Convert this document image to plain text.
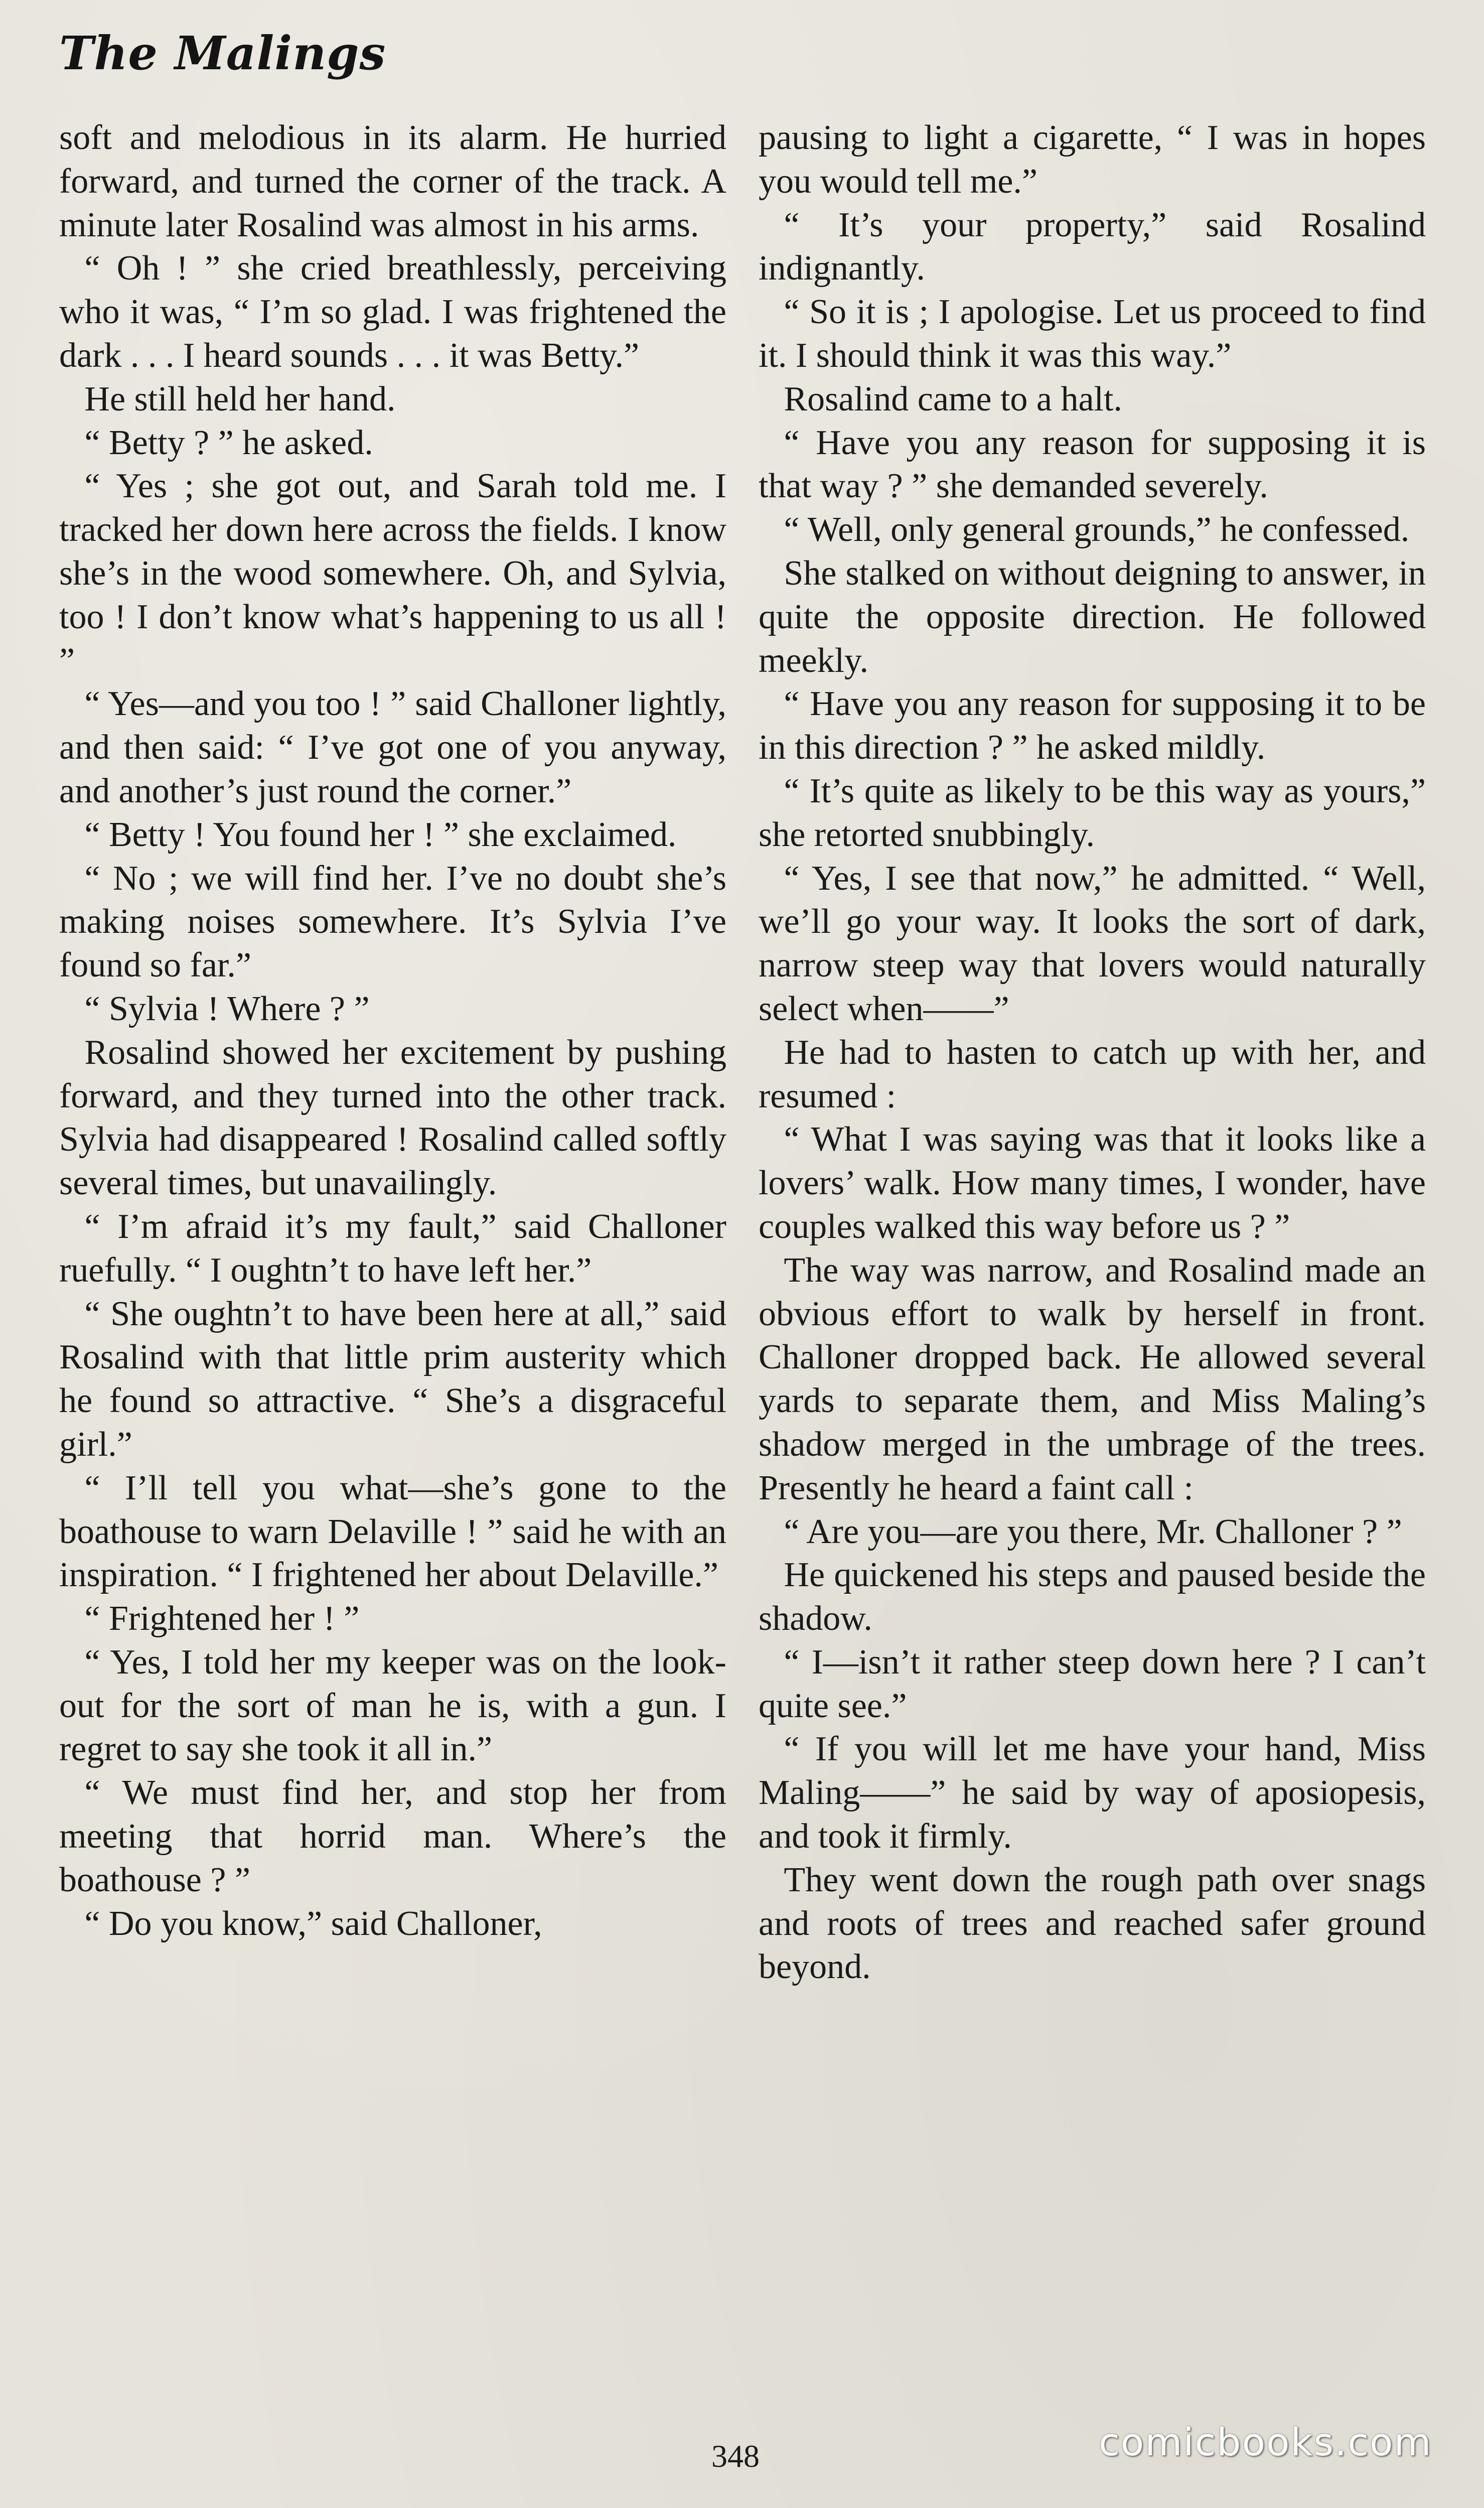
The Malings

soft and melodious in its alarm. He hurried forward, and turned the corner of the track. A minute later Rosalind was almost in his arms.

“ Oh ! ” she cried breathlessly, perceiving who it was, “ I’m so glad. I was frightened the dark . . . I heard sounds . . . it was Betty.”

He still held her hand.

“ Betty ? ” he asked.

“ Yes ; she got out, and Sarah told me. I tracked her down here across the fields. I know she’s in the wood somewhere. Oh, and Sylvia, too ! I don’t know what’s happening to us all ! ”

“ Yes—and you too ! ” said Challoner lightly, and then said: “ I’ve got one of you anyway, and another’s just round the corner.”

“ Betty ! You found her ! ” she exclaimed.

“ No ; we will find her. I’ve no doubt she’s making noises somewhere. It’s Sylvia I’ve found so far.”

“ Sylvia ! Where ? ”

Rosalind showed her excitement by pushing forward, and they turned into the other track. Sylvia had disappeared ! Rosalind called softly several times, but unavailingly.

“ I’m afraid it’s my fault,” said Challoner ruefully. “ I oughtn’t to have left her.”

“ She oughtn’t to have been here at all,” said Rosalind with that little prim austerity which he found so attractive. “ She’s a disgraceful girl.”

“ I’ll tell you what—she’s gone to the boathouse to warn Delaville ! ” said he with an inspiration. “ I frightened her about Delaville.”

“ Frightened her ! ”

“ Yes, I told her my keeper was on the look-out for the sort of man he is, with a gun. I regret to say she took it all in.”

“ We must find her, and stop her from meeting that horrid man. Where’s the boathouse ? ”

“ Do you know,” said Challoner,

pausing to light a cigarette, “ I was in hopes you would tell me.”

“ It’s your property,” said Rosalind indignantly.

“ So it is ; I apologise. Let us proceed to find it. I should think it was this way.”

Rosalind came to a halt.

“ Have you any reason for supposing it is that way ? ” she demanded severely.

“ Well, only general grounds,” he confessed.

She stalked on without deigning to answer, in quite the opposite direction. He followed meekly.

“ Have you any reason for supposing it to be in this direction ? ” he asked mildly.

“ It’s quite as likely to be this way as yours,” she retorted snubbingly.

“ Yes, I see that now,” he admitted. “ Well, we’ll go your way. It looks the sort of dark, narrow steep way that lovers would naturally select when——”

He had to hasten to catch up with her, and resumed :

“ What I was saying was that it looks like a lovers’ walk. How many times, I wonder, have couples walked this way before us ? ”

The way was narrow, and Rosalind made an obvious effort to walk by herself in front. Challoner dropped back. He allowed several yards to separate them, and Miss Maling’s shadow merged in the umbrage of the trees. Presently he heard a faint call :

“ Are you—are you there, Mr. Challoner ? ”

He quickened his steps and paused beside the shadow.

“ I—isn’t it rather steep down here ? I can’t quite see.”

“ If you will let me have your hand, Miss Maling——” he said by way of aposiopesis, and took it firmly.

They went down the rough path over snags and roots of trees and reached safer ground beyond.

348	comicbooks.com
